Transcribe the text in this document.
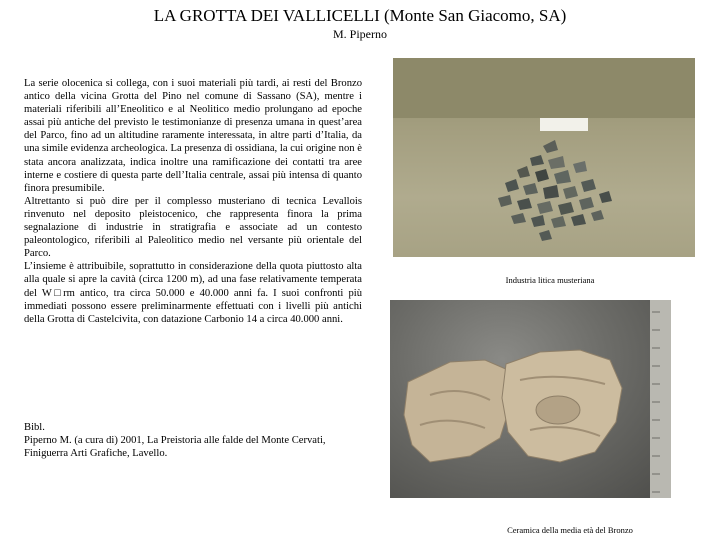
LA GROTTA DEI VALLICELLI (Monte San Giacomo, SA)
M. Piperno

La serie olocenica si collega, con i suoi materiali più tardi, ai resti del Bronzo antico della vicina Grotta del Pino nel comune di Sassano (SA), mentre i materiali riferibili all’Eneolitico e al Neolitico medio prolungano ad epoche assai più antiche del previsto le testimonianze di presenza umana in quest’area del Parco, fino ad un altitudine raramente interessata, in altre parti d’Italia, da una simile evidenza archeologica. La presenza di ossidiana, la cui origine non è stata ancora analizzata, indica inoltre una ramificazione dei contatti tra aree interne e costiere di questa parte dell’Italia centrale, assai più intensa di quanto finora presumibile.

Altrettanto si può dire per il complesso musteriano di tecnica Levallois rinvenuto nel deposito pleistocenico, che rappresenta finora la prima segnalazione di industrie in stratigrafia e associate ad un contesto paleontologico, riferibili al Paleolitico medio nel versante più orientale del Parco.

L’insieme è attribuibile, soprattutto in considerazione della quota piuttosto alta alla quale si apre la cavità (circa 1200 m), ad una fase relativamente temperata del W□rm antico, tra circa 50.000 e 40.000 anni fa. I suoi confronti più immediati possono essere preliminarmente effettuati con i livelli più antichi della Grotta di Castelcivita, con datazione Carbonio 14 a circa 40.000 anni.

Bibl.

Piperno M. (a cura di) 2001, La Preistoria alle falde del Monte Cervati, Finiguerra Arti Grafiche, Lavello.

Industria litica musteriana
Ceramica della media età del Bronzo
